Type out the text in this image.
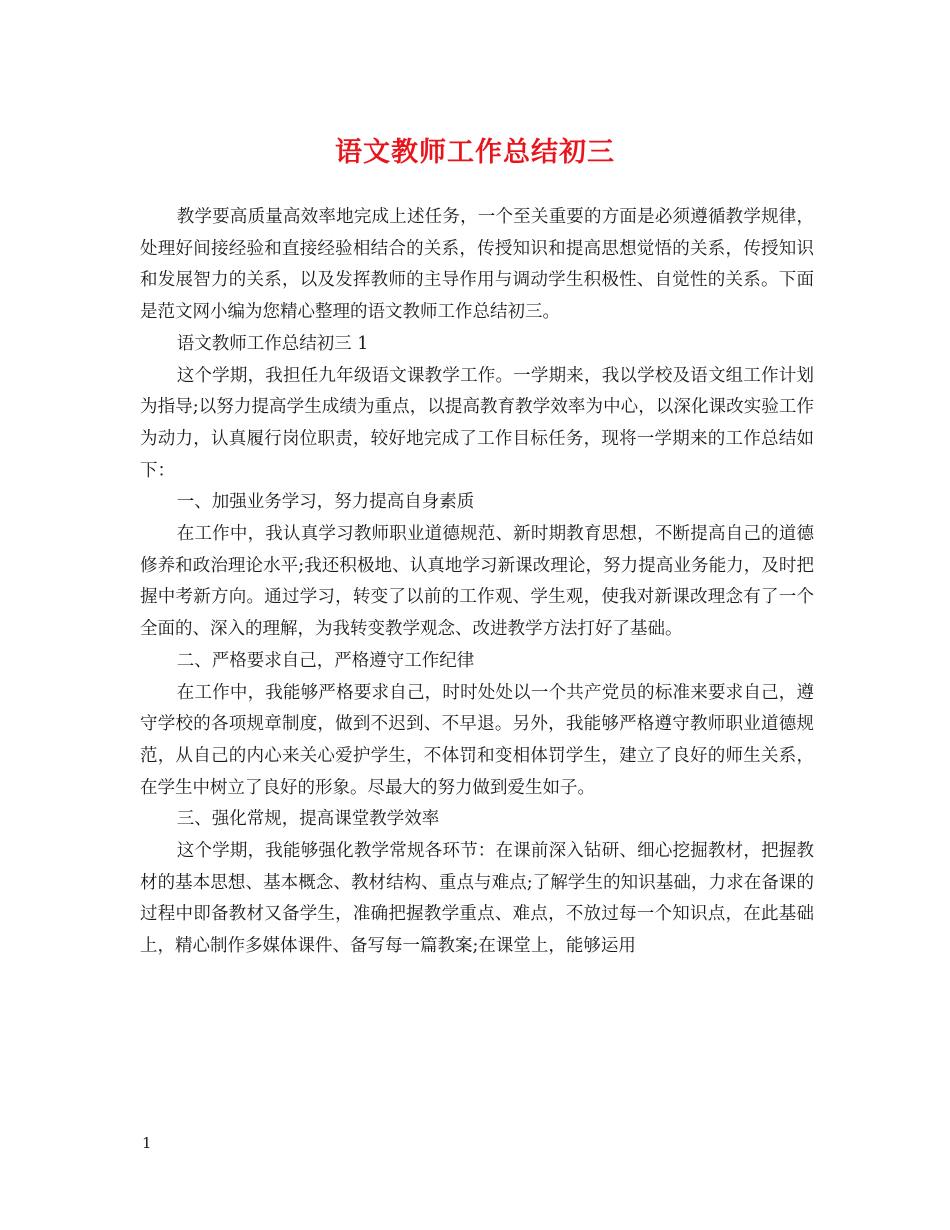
语文教师工作总结初三

教学要高质量高效率地完成上述任务，一个至关重要的方面是必须遵循教学规律，处理好间接经验和直接经验相结合的关系，传授知识和提高思想觉悟的关系，传授知识和发展智力的关系，以及发挥教师的主导作用与调动学生积极性、自觉性的关系。下面是范文网小编为您精心整理的语文教师工作总结初三。

语文教师工作总结初三 1

这个学期，我担任九年级语文课教学工作。一学期来，我以学校及语文组工作计划为指导;以努力提高学生成绩为重点，以提高教育教学效率为中心，以深化课改实验工作为动力，认真履行岗位职责，较好地完成了工作目标任务，现将一学期来的工作总结如下：

一、加强业务学习，努力提高自身素质

在工作中，我认真学习教师职业道德规范、新时期教育思想，不断提高自己的道德修养和政治理论水平;我还积极地、认真地学习新课改理论，努力提高业务能力，及时把握中考新方向。通过学习，转变了以前的工作观、学生观，使我对新课改理念有了一个全面的、深入的理解，为我转变教学观念、改进教学方法打好了基础。

二、严格要求自己，严格遵守工作纪律

在工作中，我能够严格要求自己，时时处处以一个共产党员的标准来要求自己，遵守学校的各项规章制度，做到不迟到、不早退。另外，我能够严格遵守教师职业道德规范，从自己的内心来关心爱护学生，不体罚和变相体罚学生，建立了良好的师生关系，在学生中树立了良好的形象。尽最大的努力做到爱生如子。

三、强化常规，提高课堂教学效率

这个学期，我能够强化教学常规各环节：在课前深入钻研、细心挖掘教材，把握教材的基本思想、基本概念、教材结构、重点与难点;了解学生的知识基础，力求在备课的过程中即备教材又备学生，准确把握教学重点、难点，不放过每一个知识点，在此基础上，精心制作多媒体课件、备写每一篇教案;在课堂上，能够运用

1
